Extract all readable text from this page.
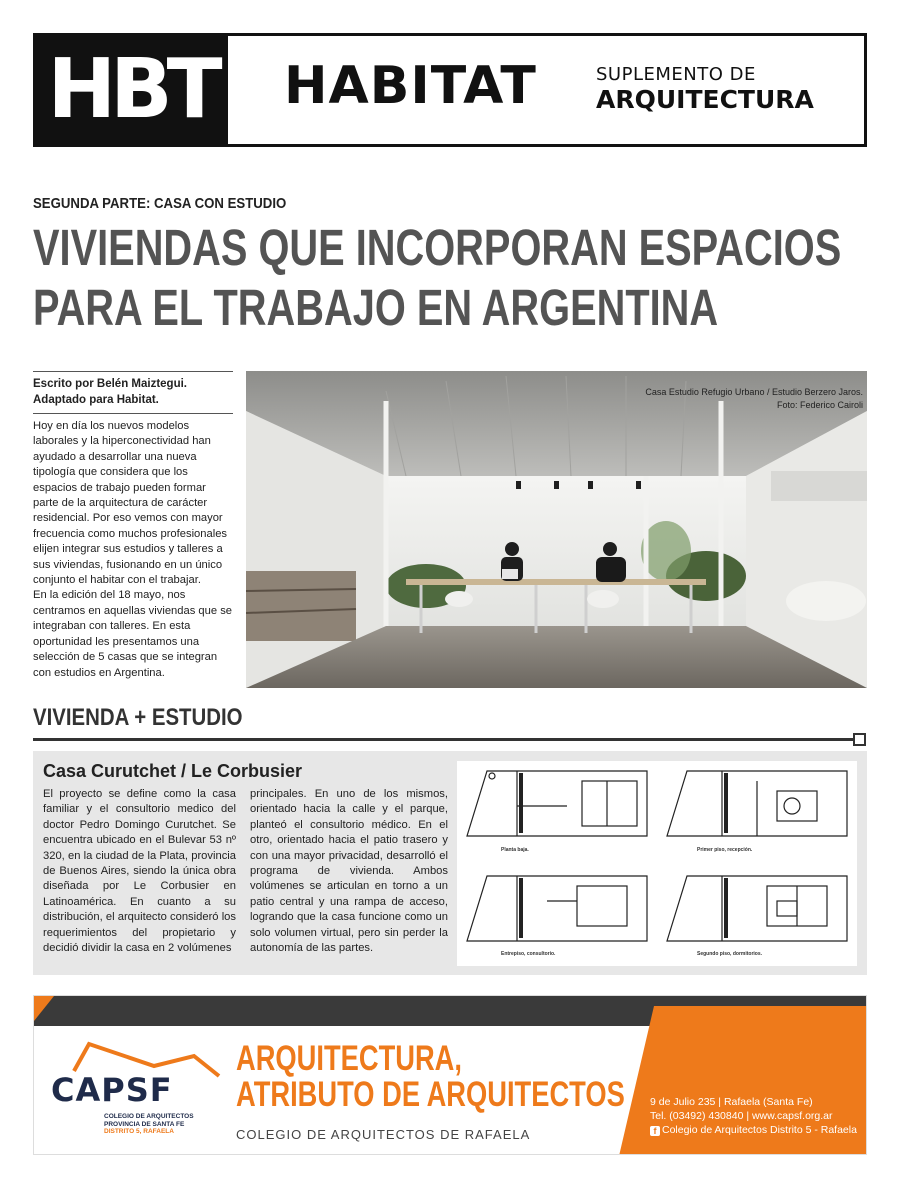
HBT HABITAT	SUPLEMENTO DE
ARQUITECTURA
SEGUNDA PARTE: CASA CON ESTUDIO
VIVIENDAS QUE INCORPORAN ESPACIOS
PARA EL TRABAJO EN ARGENTINA
Escrito por Belén Maiztegui.
Adaptado para Habitat.

Hoy en día los nuevos modelos laborales y la hiperconectividad han ayudado a desarrollar una nueva tipología que considera que los espacios de trabajo pueden formar parte de la arquitectura de carácter residencial. Por eso vemos con mayor frecuencia como muchos profesionales elijen integrar sus estudios y talleres a sus viviendas, fusionando en un único conjunto el habitar con el trabajar.

En la edición del 18 mayo, nos centramos en aquellas viviendas que se integraban con talleres. En esta oportunidad les presentamos una selección de 5 casas que se integran con estudios en Argentina.

Casa Estudio Refugio Urbano / Estudio Berzero Jaros.
Foto: Federico Cairoli
VIVIENDA + ESTUDIO
Casa Curutchet / Le Corbusier
El proyecto se define como la casa familiar y el consultorio medico del doctor Pedro Domingo Curutchet. Se encuentra ubicado en el Bulevar 53 nº 320, en la ciudad de la Plata, provincia de Buenos Aires, siendo la única obra diseñada por Le Corbusier en Latinoamérica. En cuanto a su distribución, el arquitecto consideró los requerimientos del propietario y decidió dividir la casa en 2 volúmenes
principales. En uno de los mismos, orientado hacia la calle y el parque, planteó el consultorio médico. En el otro, orientado hacia el patio trasero y con una mayor privacidad, desarrolló el programa de vivienda. Ambos volúmenes se articulan en torno a un patio central y una rampa de acceso, logrando que la casa funcione como un solo volumen virtual, pero sin perder la autonomía de las partes.
Planta baja.	Primer piso, recepción.
Entrepiso, consultorio.	Segundo piso, dormitorios.
CAPSF
COLEGIO DE ARQUITECTOS
PROVINCIA DE SANTA FE
DISTRITO 5, RAFAELA
ARQUITECTURA,
ATRIBUTO DE ARQUITECTOS
COLEGIO DE ARQUITECTOS DE RAFAELA
9 de Julio 235 | Rafaela (Santa Fe)
Tel. (03492) 430840 | www.capsf.org.ar
f Colegio de Arquitectos Distrito 5 - Rafaela
